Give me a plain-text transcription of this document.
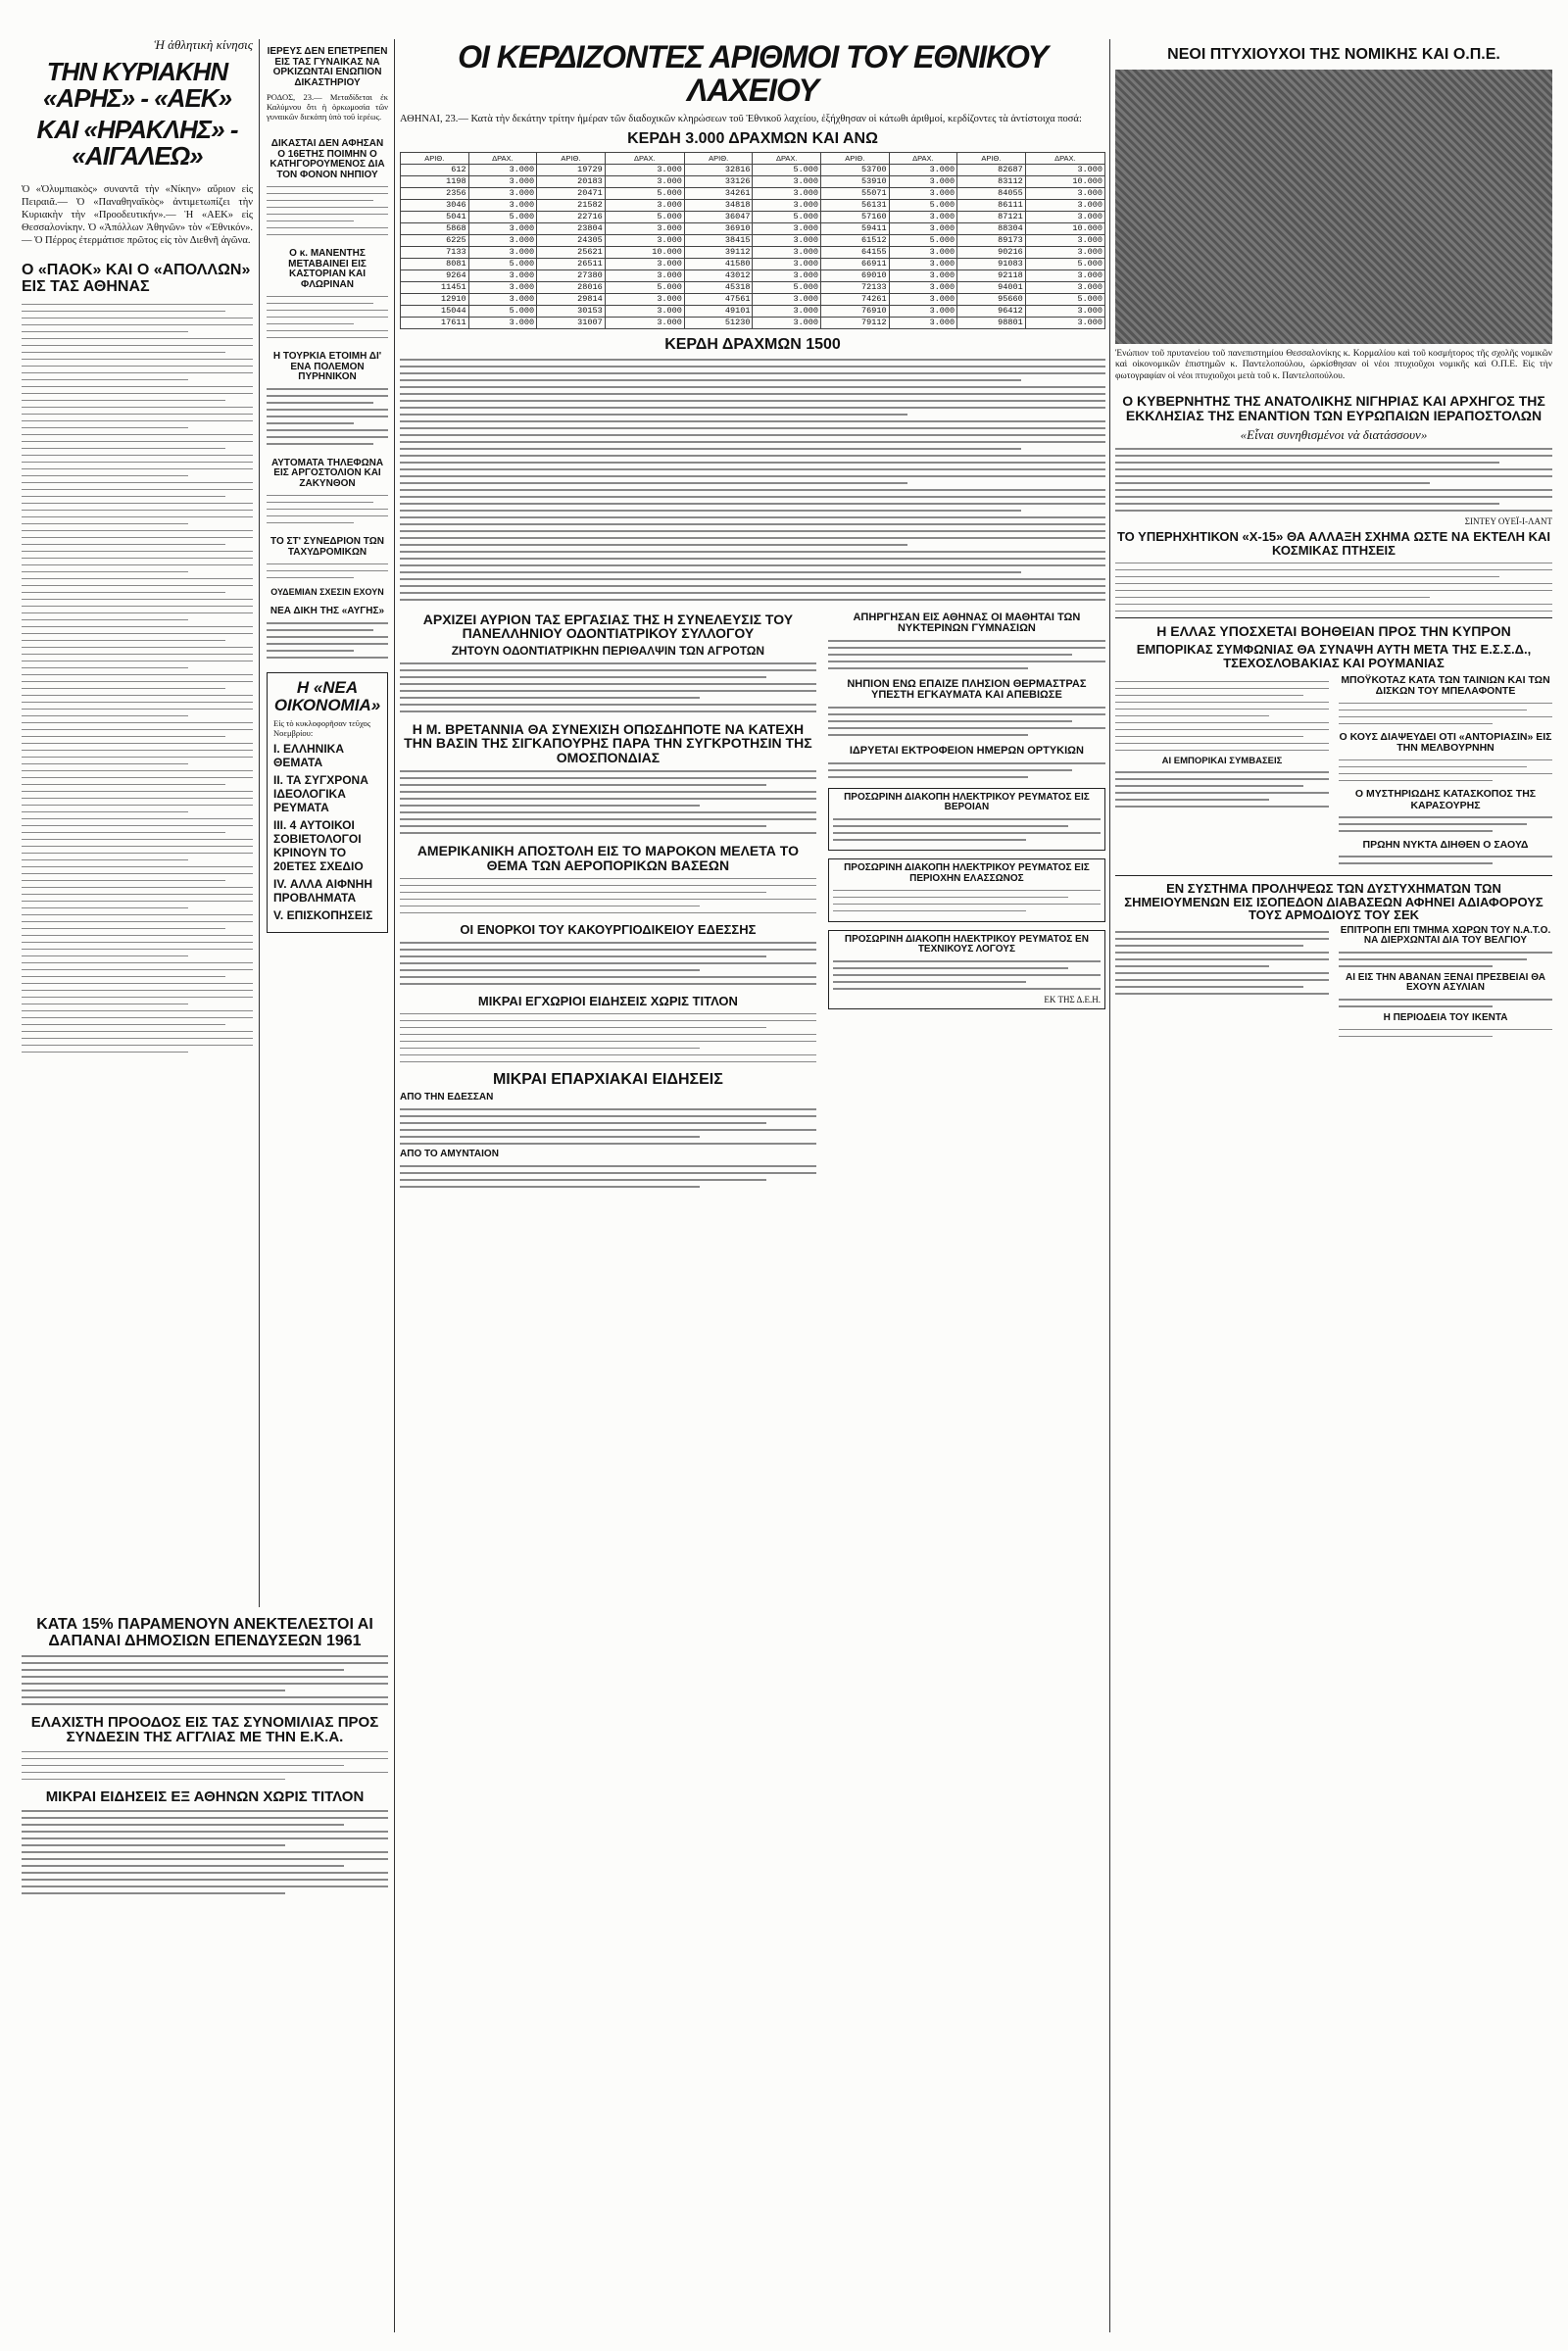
Ἡ ἀθλητικὴ κίνησις
ΤΗΝ ΚΥΡΙΑΚΗΝ «ΑΡΗΣ» - «ΑΕΚ»
ΚΑΙ «ΗΡΑΚΛΗΣ» - «ΑΙΓΑΛΕΩ»

Ὁ «Ὀλυμπιακὸς» συναντᾶ τὴν «Νίκην» αὔριον εἰς Πειραιᾶ.— Ὁ «Παναθηναϊκὸς» ἀντιμετωπίζει τὴν Κυριακὴν τὴν «Προοδευτικήν».— Ἡ «ΑΕΚ» εἰς Θεσσαλονίκην. Ὁ «Ἀπόλλων Ἀθηνῶν» τὸν «Ἐθνικόν».— Ὁ Πέρρος ἐτερμάτισε πρῶτος εἰς τὸν Διεθνῆ ἀγῶνα.

Ο «ΠΑΟΚ» ΚΑΙ Ο «ΑΠΟΛΛΩΝ» ΕΙΣ ΤΑΣ ΑΘΗΝΑΣ
ΙΕΡΕΥΣ ΔΕΝ ΕΠΕΤΡΕΠΕΝ ΕΙΣ ΤΑΣ ΓΥΝΑΙΚΑΣ ΝΑ ΟΡΚΙΖΩΝΤΑΙ ΕΝΩΠΙΟΝ ΔΙΚΑΣΤΗΡΙΟΥ

ΡΟΔΟΣ, 23.— Μεταδίδεται ἐκ Καλύμνου ὅτι ἡ ὁρκωμοσία τῶν γυναικῶν διεκόπη ὑπὸ τοῦ ἱερέως.

ΔΙΚΑΣΤΑΙ ΔΕΝ ΑΦΗΣΑΝ Ο 16ΕΤΗΣ ΠΟΙΜΗΝ Ο ΚΑΤΗΓΟΡΟΥΜΕΝΟΣ ΔΙΑ ΤΟΝ ΦΟΝΟΝ ΝΗΠΙΟΥ
Ο κ. ΜΑΝΕΝΤΗΣ ΜΕΤΑΒΑΙΝΕΙ ΕΙΣ ΚΑΣΤΟΡΙΑΝ ΚΑΙ ΦΛΩΡΙΝΑΝ
Η ΤΟΥΡΚΙΑ ΕΤΟΙΜΗ ΔΙ' ΕΝΑ ΠΟΛΕΜΟΝ ΠΥΡΗΝΙΚΟΝ
ΑΥΤΟΜΑΤΑ ΤΗΛΕΦΩΝΑ ΕΙΣ ΑΡΓΟΣΤΟΛΙΟΝ ΚΑΙ ΖΑΚΥΝΘΟΝ
ΤΟ ΣΤ' ΣΥΝΕΔΡΙΟΝ ΤΩΝ ΤΑΧΥΔΡΟΜΙΚΩΝ
ΟΥΔΕΜΙΑΝ ΣΧΕΣΙΝ ΕΧΟΥΝ
ΝΕΑ ΔΙΚΗ ΤΗΣ «ΑΥΓΗΣ»
Η «ΝΕΑ ΟΙΚΟΝΟΜΙΑ»
Εἰς τὸ κυκλοφορῆσαν τεῦχος Νοεμβρίου:
I. ΕΛΛΗΝΙΚΑ ΘΕΜΑΤΑ
II. ΤΑ ΣΥΓΧΡΟΝΑ ΙΔΕΟΛΟΓΙΚΑ ΡΕΥΜΑΤΑ
III. 4 ΑΥΤΟΙΚΟΙ ΣΟΒΙΕΤΟΛΟΓΟΙ ΚΡΙΝΟΥΝ ΤΟ 20ΕΤΕΣ ΣΧΕΔΙΟ
IV. ΑΛΛΑ ΑΙΦΝΗΗ ΠΡΟΒΛΗΜΑΤΑ
V. ΕΠΙΣΚΟΠΗΣΕΙΣ
ΚΑΤΑ 15% ΠΑΡΑΜΕΝΟΥΝ ΑΝΕΚΤΕΛΕΣΤΟΙ ΑΙ ΔΑΠΑΝΑΙ ΔΗΜΟΣΙΩΝ ΕΠΕΝΔΥΣΕΩΝ 1961
ΕΛΑΧΙΣΤΗ ΠΡΟΟΔΟΣ ΕΙΣ ΤΑΣ ΣΥΝΟΜΙΛΙΑΣ ΠΡΟΣ ΣΥΝΔΕΣΙΝ ΤΗΣ ΑΓΓΛΙΑΣ ΜΕ ΤΗΝ Ε.Κ.Α.
ΜΙΚΡΑΙ ΕΙΔΗΣΕΙΣ ΕΞ ΑΘΗΝΩΝ ΧΩΡΙΣ ΤΙΤΛΟΝ
ΟΙ ΚΕΡΔΙΖΟΝΤΕΣ ΑΡΙΘΜΟΙ ΤΟΥ ΕΘΝΙΚΟΥ ΛΑΧΕΙΟΥ

ΑΘΗΝΑΙ, 23.— Κατὰ τὴν δεκάτην τρίτην ἡμέραν τῶν διαδοχικῶν κληρώσεων τοῦ Ἐθνικοῦ λαχείου, ἐξήχθησαν οἱ κάτωθι ἀριθμοί, κερδίζοντες τὰ ἀντίστοιχα ποσά:

ΚΕΡΔΗ 3.000 ΔΡΑΧΜΩΝ ΚΑΙ ΑΝΩ
ΑΡΙΘ.	ΔΡΑΧ.	ΑΡΙΘ.	ΔΡΑΧ.	ΑΡΙΘ.	ΔΡΑΧ.	ΑΡΙΘ.	ΔΡΑΧ.	ΑΡΙΘ.	ΔΡΑΧ.
612	3.000	19729	3.000	32816	5.000	53700	3.000	82687	3.000
1198	3.000	20183	3.000	33126	3.000	53910	3.000	83112	10.000
2356	3.000	20471	5.000	34261	3.000	55071	3.000	84055	3.000
3046	3.000	21582	3.000	34818	3.000	56131	5.000	86111	3.000
5041	5.000	22716	5.000	36047	5.000	57160	3.000	87121	3.000
5868	3.000	23804	3.000	36910	3.000	59411	3.000	88304	10.000
6225	3.000	24305	3.000	38415	3.000	61512	5.000	89173	3.000
7133	3.000	25621	10.000	39112	3.000	64155	3.000	90216	3.000
8081	5.000	26511	3.000	41580	3.000	66911	3.000	91083	5.000
9264	3.000	27380	3.000	43012	3.000	69010	3.000	92118	3.000
11451	3.000	28016	5.000	45318	5.000	72133	3.000	94001	3.000
12910	3.000	29814	3.000	47561	3.000	74261	3.000	95660	5.000
15044	5.000	30153	3.000	49101	3.000	76910	3.000	96412	3.000
17611	3.000	31007	3.000	51230	3.000	79112	3.000	98801	3.000
ΚΕΡΔΗ ΔΡΑΧΜΩΝ 1500
ΑΡΧΙΖΕΙ ΑΥΡΙΟΝ ΤΑΣ ΕΡΓΑΣΙΑΣ ΤΗΣ Η ΣΥΝΕΛΕΥΣΙΣ ΤΟΥ ΠΑΝΕΛΛΗΝΙΟΥ ΟΔΟΝΤΙΑΤΡΙΚΟΥ ΣΥΛΛΟΓΟΥ
ΖΗΤΟΥΝ ΟΔΟΝΤΙΑΤΡΙΚΗΝ ΠΕΡΙΘΑΛΨΙΝ ΤΩΝ ΑΓΡΟΤΩΝ
Η Μ. ΒΡΕΤΑΝΝΙΑ ΘΑ ΣΥΝΕΧΙΣΗ ΟΠΩΣΔΗΠΟΤΕ ΝΑ ΚΑΤΕΧΗ ΤΗΝ ΒΑΣΙΝ ΤΗΣ ΣΙΓΚΑΠΟΥΡΗΣ ΠΑΡΑ ΤΗΝ ΣΥΓΚΡΟΤΗΣΙΝ ΤΗΣ ΟΜΟΣΠΟΝΔΙΑΣ
ΑΜΕΡΙΚΑΝΙΚΗ ΑΠΟΣΤΟΛΗ ΕΙΣ ΤΟ ΜΑΡΟΚΟΝ ΜΕΛΕΤΑ ΤΟ ΘΕΜΑ ΤΩΝ ΑΕΡΟΠΟΡΙΚΩΝ ΒΑΣΕΩΝ
ΟΙ ΕΝΟΡΚΟΙ ΤΟΥ ΚΑΚΟΥΡΓΙΟΔΙΚΕΙΟΥ ΕΔΕΣΣΗΣ
ΜΙΚΡΑΙ ΕΓΧΩΡΙΟΙ ΕΙΔΗΣΕΙΣ ΧΩΡΙΣ ΤΙΤΛΟΝ
ΜΙΚΡΑΙ ΕΠΑΡΧΙΑΚΑΙ ΕΙΔΗΣΕΙΣ
ΑΠΟ ΤΗΝ ΕΔΕΣΣΑΝ
ΑΠΟ ΤΟ ΑΜΥΝΤΑΙΟΝ
ΑΠΗΡΓΗΣΑΝ ΕΙΣ ΑΘΗΝΑΣ ΟΙ ΜΑΘΗΤΑΙ ΤΩΝ ΝΥΚΤΕΡΙΝΩΝ ΓΥΜΝΑΣΙΩΝ
ΝΗΠΙΟΝ ΕΝΩ ΕΠΑΙΖΕ ΠΛΗΣΙΟΝ ΘΕΡΜΑΣΤΡΑΣ ΥΠΕΣΤΗ ΕΓΚΑΥΜΑΤΑ ΚΑΙ ΑΠΕΒΙΩΣΕ
ΙΔΡΥΕΤΑΙ ΕΚΤΡΟΦΕΙΟΝ ΗΜΕΡΩΝ ΟΡΤΥΚΙΩΝ
ΠΡΟΣΩΡΙΝΗ ΔΙΑΚΟΠΗ ΗΛΕΚΤΡΙΚΟΥ ΡΕΥΜΑΤΟΣ ΕΙΣ ΒΕΡΟΙΑΝ
ΠΡΟΣΩΡΙΝΗ ΔΙΑΚΟΠΗ ΗΛΕΚΤΡΙΚΟΥ ΡΕΥΜΑΤΟΣ ΕΙΣ ΠΕΡΙΟΧΗΝ ΕΛΑΣΣΩΝΟΣ
ΠΡΟΣΩΡΙΝΗ ΔΙΑΚΟΠΗ ΗΛΕΚΤΡΙΚΟΥ ΡΕΥΜΑΤΟΣ ΕΝ ΤΕΧΝΙΚΟΥΣ ΛΟΓΟΥΣ
ΕΚ ΤΗΣ Δ.Ε.Η.
ΝΕΟΙ ΠΤΥΧΙΟΥΧΟΙ ΤΗΣ ΝΟΜΙΚΗΣ ΚΑΙ Ο.Π.Ε.

Ἐνώπιον τοῦ πρυτανείου τοῦ πανεπιστημίου Θεσσαλονίκης κ. Κορμαλίου καὶ τοῦ κοσμήτορος τῆς σχολῆς νομικῶν καὶ οἰκονομικῶν ἐπιστημῶν κ. Παντελοπούλου, ὡρκίσθησαν οἱ νέοι πτυχιοῦχοι νομικῆς καὶ Ο.Π.Ε. Εἰς τὴν φωτογραφίαν οἱ νέοι πτυχιοῦχοι μετὰ τοῦ κ. Παντελοπούλου.

Ο ΚΥΒΕΡΝΗΤΗΣ ΤΗΣ ΑΝΑΤΟΛΙΚΗΣ ΝΙΓΗΡΙΑΣ ΚΑΙ ΑΡΧΗΓΟΣ ΤΗΣ ΕΚΚΛΗΣΙΑΣ ΤΗΣ ΕΝΑΝΤΙΟΝ ΤΩΝ ΕΥΡΩΠΑΙΩΝ ΙΕΡΑΠΟΣΤΟΛΩΝ
«Εἶναι συνηθισμένοι νὰ διατάσσουν»
ΣΙΝΤΕΥ ΟΥΕΪ-Ι-ΛΑΝΤ
ΤΟ ΥΠΕΡΗΧΗΤΙΚΟΝ «Χ-15» ΘΑ ΑΛΛΑΞΗ ΣΧΗΜΑ ΩΣΤΕ ΝΑ ΕΚΤΕΛΗ ΚΑΙ ΚΟΣΜΙΚΑΣ ΠΤΗΣΕΙΣ
Η ΕΛΛΑΣ ΥΠΟΣΧΕΤΑΙ ΒΟΗΘΕΙΑΝ ΠΡΟΣ ΤΗΝ ΚΥΠΡΟΝ
ΕΜΠΟΡΙΚΑΣ ΣΥΜΦΩΝΙΑΣ ΘΑ ΣΥΝΑΨΗ ΑΥΤΗ ΜΕΤΑ ΤΗΣ Ε.Σ.Σ.Δ., ΤΣΕΧΟΣΛΟΒΑΚΙΑΣ ΚΑΙ ΡΟΥΜΑΝΙΑΣ
ΑΙ ΕΜΠΟΡΙΚΑΙ ΣΥΜΒΑΣΕΙΣ
ΜΠΟΫΚΟΤΑΖ ΚΑΤΑ ΤΩΝ ΤΑΙΝΙΩΝ ΚΑΙ ΤΩΝ ΔΙΣΚΩΝ ΤΟΥ ΜΠΕΛΑΦΟΝΤΕ
Ο ΚΟΥΣ ΔΙΑΨΕΥΔΕΙ ΟΤΙ «ΑΝΤΟΡΙΑΣΙΝ» ΕΙΣ ΤΗΝ ΜΕΛΒΟΥΡΝΗΝ
Ο ΜΥΣΤΗΡΙΩΔΗΣ ΚΑΤΑΣΚΟΠΟΣ ΤΗΣ ΚΑΡΑΣΟΥΡΗΣ
ΠΡΩΗΝ ΝΥΚΤΑ ΔΙΗΘΕΝ Ο ΣΑΟΥΔ
ΕΝ ΣΥΣΤΗΜΑ ΠΡΟΛΗΨΕΩΣ ΤΩΝ ΔΥΣΤΥΧΗΜΑΤΩΝ ΤΩΝ ΣΗΜΕΙΟΥΜΕΝΩΝ ΕΙΣ ΙΣΟΠΕΔΟΝ ΔΙΑΒΑΣΕΩΝ ΑΦΗΝΕΙ ΑΔΙΑΦΟΡΟΥΣ ΤΟΥΣ ΑΡΜΟΔΙΟΥΣ ΤΟΥ ΣΕΚ
ΕΠΙΤΡΟΠΗ ΕΠΙ ΤΜΗΜΑ ΧΩΡΩΝ ΤΟΥ Ν.Α.Τ.Ο. ΝΑ ΔΙΕΡΧΩΝΤΑΙ ΔΙΑ ΤΟΥ ΒΕΛΓΙΟΥ
ΑΙ ΕΙΣ ΤΗΝ ΑΒΑΝΑΝ ΞΕΝΑΙ ΠΡΕΣΒΕΙΑΙ ΘΑ ΕΧΟΥΝ ΑΣΥΛΙΑΝ
Η ΠΕΡΙΟΔΕΙΑ ΤΟΥ ΙΚΕΝΤΑ
